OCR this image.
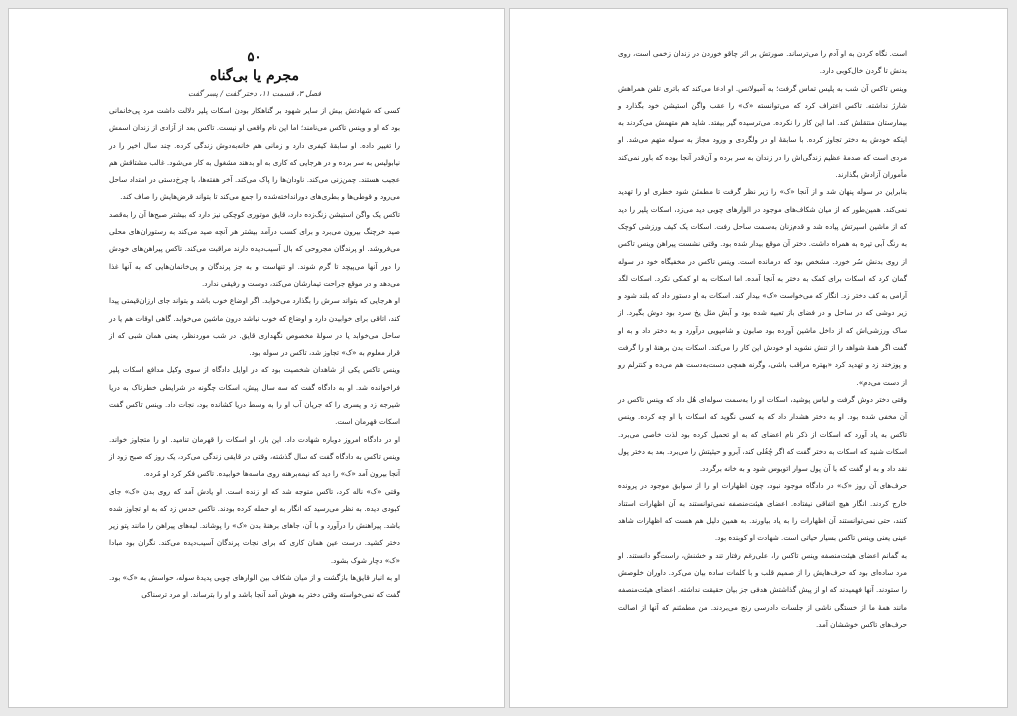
۵۰

مجرم یا بی‌گناه

فصل ۳، قسمت ۱۱، دختر گفت / پسر گفت

کسی که شهادتش بیش از سایر شهود بر گناهکار بودن اسکات پلیر دلالت داشت مرد پی‌خانمانی بود که او و وینس تاکس می‌نامند؛ اما این نام واقعی او نیست. تاکس بعد از آزادی از زندان اسمش را تغییر داده. او سابقهٔ کیفری دارد و زمانی هم خانه‌به‌دوش زندگی کرده. چند سال اخیر را در نیابولیس به سر برده و در هرجایی که کاری به او بدهند مشغول به کار می‌شود. غالب مشتاقش هم عجیب هستند. چمن‌زنی می‌کند. ناودان‌ها را پاک می‌کند. آخر هفته‌ها، با چرخ‌دستی در امتداد ساحل می‌رود و قوطی‌ها و بطری‌های دورانداخته‌شده را جمع می‌کند تا بتواند قرض‌هایش را صاف کند.

تاکس یک واگن استیشن زنگ‌زده دارد، قایق موتوری کوچکی نیز دارد که بیشتر صبح‌ها آن را به‌قصد صید خرچنگ بیرون می‌برد و برای کسب درآمد بیشتر هر آنچه صید می‌کند به رستوران‌های محلی می‌فروشد. او پرندگان مجروحی که بال آسیب‌دیده دارند مراقبت می‌کند. تاکس پیراهن‌های خودش را دور آنها می‌پیچد تا گرم شوند. او تنهاست و به جز پرندگان و پی‌خانمان‌هایی که به آنها غذا می‌دهد و در موقع جراحت تیمارشان می‌کند، دوست و رفیقی ندارد.

او هرجایی که بتواند سرش را بگذارد می‌خوابد. اگر اوضاع خوب باشد و بتواند جای ارزان‌قیمتی پیدا کند، اتاقی برای خوابیدن دارد و اوضاع که خوب نباشد درون ماشین می‌خوابد. گاهی اوقات هم یا در ساحل می‌خوابد یا در سولهٔ مخصوص نگهداری قایق. در شب موردنظر، یعنی همان شبی که از قرار معلوم به «ک» تجاوز شد، تاکس در سوله بود.

وینس تاکس یکی از شاهدان شخصیت بود که در اوایل دادگاه از سوی وکیل مدافع اسکات پلیر فراخوانده شد. او به دادگاه گفت که سه سال پیش، اسکات چگونه در شرایطی خطرناک به دریا شیرجه زد و پسری را که جریان آب او را به وسط دریا کشانده بود، نجات داد. وینس تاکس گفت اسکات قهرمان است.

او در دادگاه امروز دوباره شهادت داد. این بار، او اسکات را قهرمان تنامید. او را متجاوز خواند. وینس تاکس به دادگاه گفت که سال گذشته، وقتی در قایقی زندگی می‌کرد، یک روز که صبح زود از آنجا بیرون آمد «ک» را دید که نیمه‌برهنه روی ماسه‌ها خوابیده. تاکس فکر کرد او مُرده.

وقتی «ک» ناله کرد، تاکس متوجه شد که او زنده است. او یادش آمد که روی بدن «ک» جای کبودی دیده. به نظر می‌رسید که انگار به او حمله کرده بودند. تاکس حدس زد که به او تجاوز شده باشد. پیراهنش را درآورد و با آن، جاهای برهنهٔ بدن «ک» را پوشاند. لبه‌های پیراهن را مانند پتو زیر دختر کشید. درست عین همان کاری که برای نجات پرندگان آسیب‌دیده می‌کند. نگران بود مبادا «ک» دچار شوک بشود.

او به انبار قایق‌ها بازگشت و از میان شکاف بین الوارهای چوبی پدیدهٔ سوله، حواسش به «ک» بود. گفت که نمی‌خواسته وقتی دختر به هوش آمد آنجا باشد و او را بترساند. او مرد ترسناکی

است. نگاه کردن به او آدم را می‌ترساند. صورتش بر اثر چاقو خوردن در زندان زخمی است، روی بدنش تا گردن خال‌کوبی دارد.

وینس تاکس آن شب به پلیس تماس گرفت؛ به آمبولانس. او ادعا می‌کند که باتری تلفن همراهش شارژ نداشته. تاکس اعتراف کرد که می‌توانسته «ک» را عقب واگن استیشن خود بگذارد و بیمارستان منتقلش کند. اما این کار را نکرده. می‌ترسیده گیر بیفتد. شاید هم متهمش می‌کردند به اینکه خودش به دختر تجاوز کرده. با سابقهٔ او در ولگردی و ورود مجاز به سوله متهم می‌شد. او مردی است که صدمهٔ عظیم زندگی‌اش را در زندان به سر برده و آن‌قدر آنجا بوده که باور نمی‌کند مأموران آزادش بگذارند.

بنابراین در سوله پنهان شد و از آنجا «ک» را زیر نظر گرفت تا مطمئن شود خطری او را تهدید نمی‌کند. همین‌طور که از میان شکاف‌های موجود در الوارهای چوبی دید می‌زد، اسکات پلیر را دید که از ماشین اسپرتش پیاده شد و قدم‌زنان به‌سمت ساحل رفت. اسکات یک کیف ورزشی کوچک به رنگ آبی تیره به همراه داشت. دختر آن موقع بیدار شده بود. وقتی نشست پیراهن وینس تاکس از روی بدنش سُر خورد. مشخص بود که درمانده است. وینس تاکس در مخفیگاه خود در سوله گمان کرد که اسکات برای کمک به دختر به آنجا آمده. اما اسکات به او کمکی نکرد. اسکات لگد آرامی به کف دختر زد. انگار که می‌خواست «ک» بیدار کند. اسکات به او دستور داد که بلند شود و زیر دوشی که در ساحل و در فضای باز تعبیه شده بود و آبش مثل یخ سرد بود دوش بگیرد. از ساک ورزشی‌اش که از داخل ماشین آورده بود صابون و شامپویی درآورد و به دختر داد و به او گفت اگر همهٔ شواهد را از تنش نشوید او خودش این کار را می‌کند. اسکات بدن برهنهٔ او را گرفت و پوزخند زد و تهدید کرد «بهتره مراقب باشی، وگرنه همچی دست‌به‌دست هم می‌ده و کنترلم رو از دست می‌دم».

وقتی دختر دوش گرفت و لباس پوشید، اسکات او را به‌سمت سوله‌ای هُل داد که وینس تاکس در آن مخفی شده بود. او به دختر هشدار داد که به کسی نگوید که اسکات با او چه کرده. وینس تاکس به یاد آورد که اسکات از ذکر نام اعضای که به او تحمیل کرده بود لذت خاصی می‌برد. اسکات شنید که اسکات به دختر گفت که اگر چُغُلی کند، آبرو و حیثیتش را می‌برد. بعد به دختر پول نقد داد و به او گفت که با آن پول سوار اتوبوس شود و به خانه برگردد.

حرف‌های آن روز «ک» در دادگاه موجود نبود، چون اظهارات او را از سوابق موجود در پرونده خارج کردند. انگار هیچ اتفاقی نیفتاده. اعضای هیئت‌منصفه نمی‌توانستند به آن اظهارات استناد کنند، حتی نمی‌توانستند آن اظهارات را به یاد بیاورند. به همین دلیل هم هست که اظهارات شاهد عینی یعنی وینس تاکس بسیار حیاتی است. شهادت او کوبنده بود.

به گمانم اعضای هیئت‌منصفه وینس تاکس را، علی‌رغم رفتار تند و خشنش، راست‌گو دانستند. او مرد ساده‌ای بود که حرف‌هایش را از صمیم قلب و با کلمات ساده بیان می‌کرد. داوران خلوصش را ستودند. آنها فهمیدند که او از پیش گذاشتش هدفی جز بیان حقیقت نداشته. اعضای هیئت‌منصفه مانند همهٔ ما از خستگی ناشی از جلسات دادرسی رنج می‌بردند. من مطمئنم که آنها از اصالت حرف‌های تاکس خوششان آمد.
